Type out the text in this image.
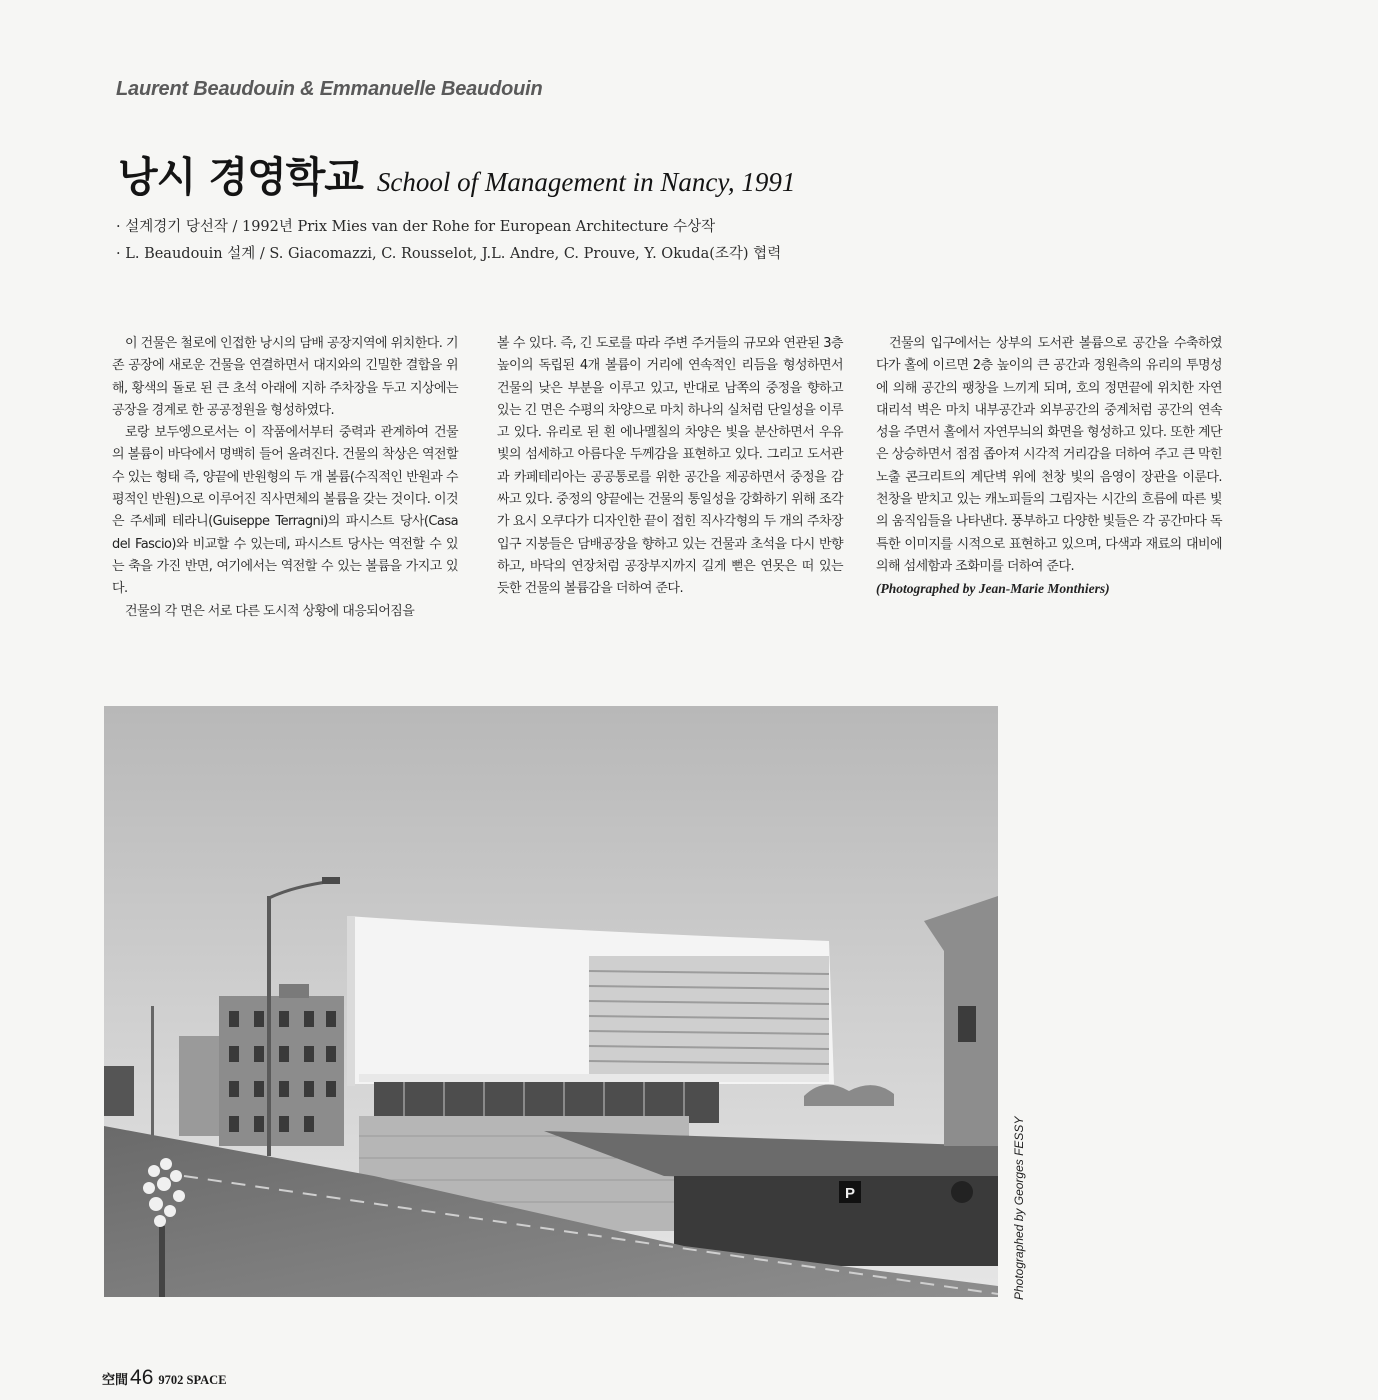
Laurent Beaudouin & Emmanuelle Beaudouin
낭시 경영학교 School of Management in Nancy, 1991
· 설계경기 당선작 / 1992년 Prix Mies van der Rohe for European Architecture 수상작
· L. Beaudouin 설계 / S. Giacomazzi, C. Rousselot, J.L. Andre, C. Prouve, Y. Okuda(조각) 협력

이 건물은 철로에 인접한 낭시의 담배 공장지역에 위치한다. 기존 공장에 새로운 건물을 연결하면서 대지와의 긴밀한 결합을 위해, 황색의 돌로 된 큰 초석 아래에 지하 주차장을 두고 지상에는 공장을 경계로 한 공공정원을 형성하였다.

로랑 보두엥으로서는 이 작품에서부터 중력과 관계하여 건물의 볼륨이 바닥에서 명백히 들어 올려진다. 건물의 착상은 역전할 수 있는 형태 즉, 양끝에 반원형의 두 개 볼륨(수직적인 반원과 수평적인 반원)으로 이루어진 직사면체의 볼륨을 갖는 것이다. 이것은 주세페 테라니(Guiseppe Terragni)의 파시스트 당사(Casa del Fascio)와 비교할 수 있는데, 파시스트 당사는 역전할 수 있는 축을 가진 반면, 여기에서는 역전할 수 있는 볼륨을 가지고 있다.

건물의 각 면은 서로 다른 도시적 상황에 대응되어짐을

볼 수 있다. 즉, 긴 도로를 따라 주변 주거들의 규모와 연관된 3층 높이의 독립된 4개 볼륨이 거리에 연속적인 리듬을 형성하면서 건물의 낮은 부분을 이루고 있고, 반대로 남쪽의 중정을 향하고 있는 긴 면은 수평의 차양으로 마치 하나의 실처럼 단일성을 이루고 있다. 유리로 된 흰 에나멜칠의 차양은 빛을 분산하면서 우유빛의 섬세하고 아름다운 두께감을 표현하고 있다. 그리고 도서관과 카페테리아는 공공통로를 위한 공간을 제공하면서 중정을 감싸고 있다. 중정의 양끝에는 건물의 통일성을 강화하기 위해 조각가 요시 오쿠다가 디자인한 끝이 접힌 직사각형의 두 개의 주차장 입구 지붕들은 담배공장을 향하고 있는 건물과 초석을 다시 반향하고, 바닥의 연장처럼 공장부지까지 길게 뻗은 연못은 떠 있는 듯한 건물의 볼륨감을 더하여 준다.

건물의 입구에서는 상부의 도서관 볼륨으로 공간을 수축하였다가 홀에 이르면 2층 높이의 큰 공간과 정원측의 유리의 투명성에 의해 공간의 팽창을 느끼게 되며, 호의 정면끝에 위치한 자연 대리석 벽은 마치 내부공간과 외부공간의 중계처럼 공간의 연속성을 주면서 홀에서 자연무늬의 화면을 형성하고 있다. 또한 계단은 상승하면서 점점 좁아져 시각적 거리감을 더하여 주고 큰 막힌 노출 콘크리트의 계단벽 위에 천창 빛의 음영이 장관을 이룬다. 천창을 받치고 있는 캐노피들의 그림자는 시간의 흐름에 따른 빛의 움직임들을 나타낸다. 풍부하고 다양한 빛들은 각 공간마다 독특한 이미지를 시적으로 표현하고 있으며, 다색과 재료의 대비에 의해 섬세함과 조화미를 더하여 준다.

(Photographed by Jean-Marie Monthiers)

P	Photographed by Georges FESSY
空間46 9702 SPACE
